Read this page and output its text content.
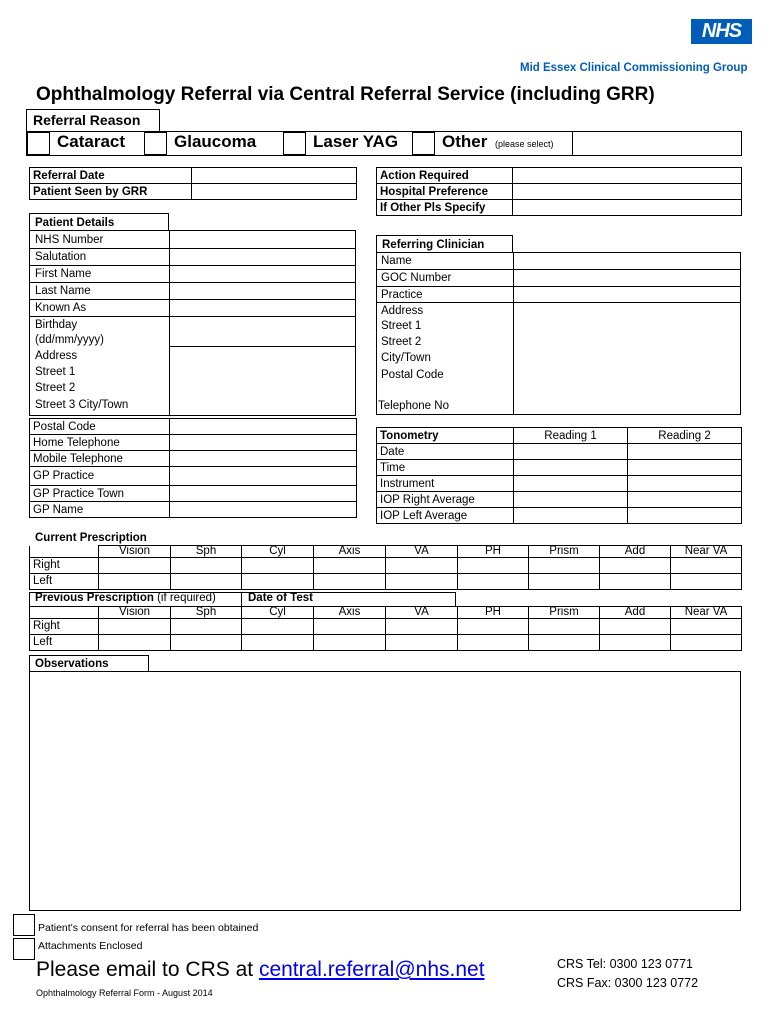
NHS
Mid Essex Clinical Commissioning Group
Ophthalmology Referral via Central Referral Service (including GRR)
Referral Reason
Cataract	Glaucoma	Laser YAG	Other (please select)
Referral Date	
Patient Seen by GRR	
Action Required	
Hospital Preference	
If Other Pls Specify	
Patient Details
NHS Number
Salutation
First Name
Last Name
Known As
Birthday
(dd/mm/yyyy)
Address
Street 1
Street 2
Street 3 City/Town
Postal Code	
Home Telephone	
Mobile Telephone	
GP Practice	
GP Practice Town	
GP Name	
Referring Clinician
Name
GOC Number
Practice
Address
Street 1
Street 2
City/Town
Postal Code
Telephone No
Tonometry	Reading 1	Reading 2
Date		
Time		
Instrument		
IOP Right Average		
IOP Left Average		
Current Prescription
	Vision	Sph	Cyl	Axis	VA	PH	Prism	Add	Near VA
Right									
Left									
Previous Prescription (if required)	Date of Test
	Vision	Sph	Cyl	Axis	VA	PH	Prism	Add	Near VA
Right									
Left									
Observations
Patient's consent for referral has been obtained
Attachments Enclosed
Please email to CRS at central.referral@nhs.net	CRS Tel: 0300 123 0771
CRS Fax: 0300 123 0772
Ophthalmology Referral Form - August 2014
